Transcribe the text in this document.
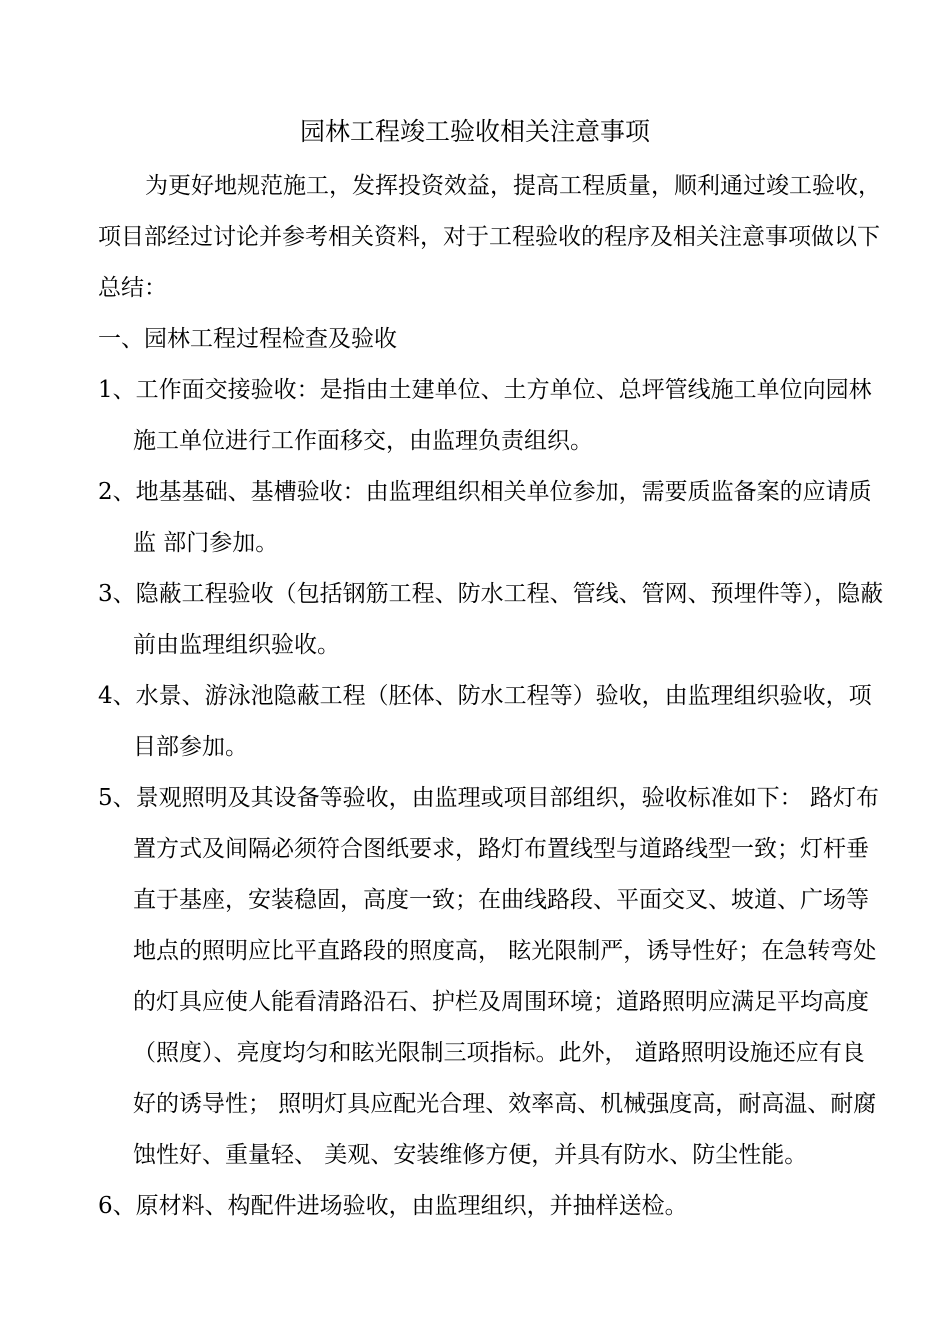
园林工程竣工验收相关注意事项
为更好地规范施工，发挥投资效益，提高工程质量，顺利通过竣工验收，
项目部经过讨论并参考相关资料，对于工程验收的程序及相关注意事项做以下
总结：
一、园林工程过程检查及验收
1、工作面交接验收：是指由土建单位、土方单位、总坪管线施工单位向园林
施工单位进行工作面移交，由监理负责组织。
2、地基基础、基槽验收：由监理组织相关单位参加，需要质监备案的应请质
监 部门参加。
3、隐蔽工程验收（包括钢筋工程、防水工程、管线、管网、预埋件等），隐蔽
前由监理组织验收。
4、水景、游泳池隐蔽工程（胚体、防水工程等）验收，由监理组织验收，项
目部参加。
5、景观照明及其设备等验收，由监理或项目部组织，验收标准如下： 路灯布
置方式及间隔必须符合图纸要求，路灯布置线型与道路线型一致；灯杆垂
直于基座，安装稳固，高度一致；在曲线路段、平面交叉、坡道、广场等
地点的照明应比平直路段的照度高， 眩光限制严，诱导性好；在急转弯处
的灯具应使人能看清路沿石、护栏及周围环境；道路照明应满足平均高度
（照度）、亮度均匀和眩光限制三项指标。此外， 道路照明设施还应有良
好的诱导性； 照明灯具应配光合理、效率高、机械强度高，耐高温、耐腐
蚀性好、重量轻、 美观、安装维修方便，并具有防水、防尘性能。
6、原材料、构配件进场验收，由监理组织，并抽样送检。
